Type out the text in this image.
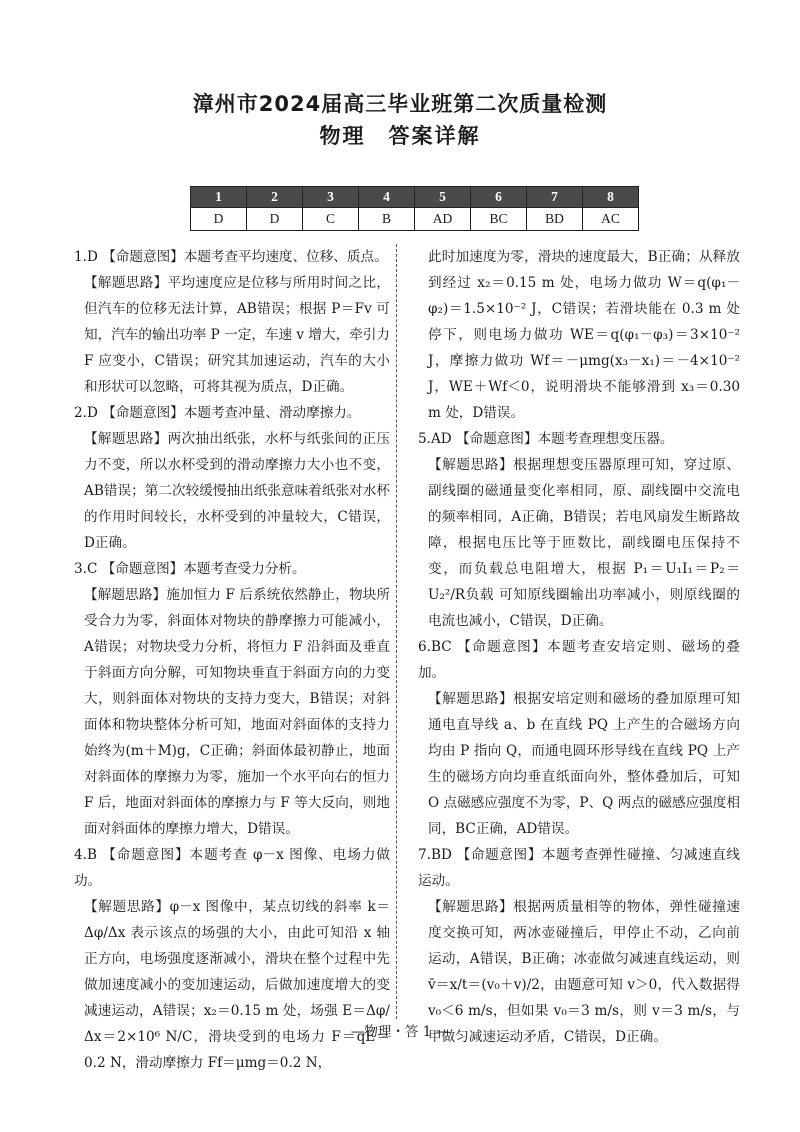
漳州市2024届高三毕业班第二次质量检测
物理　答案详解
1	2	3	4	5	6	7	8
D	D	C	B	AD	BC	BD	AC

1.D 【命题意图】本题考查平均速度、位移、质点。

【解题思路】平均速度应是位移与所用时间之比，但汽车的位移无法计算，AB错误；根据 P＝Fv 可知，汽车的输出功率 P 一定，车速 v 增大，牵引力 F 应变小，C错误；研究其加速运动，汽车的大小和形状可以忽略，可将其视为质点，D正确。

2.D 【命题意图】本题考查冲量、滑动摩擦力。

【解题思路】两次抽出纸张，水杯与纸张间的正压力不变，所以水杯受到的滑动摩擦力大小也不变，AB错误；第二次较缓慢抽出纸张意味着纸张对水杯的作用时间较长，水杯受到的冲量较大，C错误，D正确。

3.C 【命题意图】本题考查受力分析。

【解题思路】施加恒力 F 后系统依然静止，物块所受合力为零，斜面体对物块的静摩擦力可能减小，A错误；对物块受力分析，将恒力 F 沿斜面及垂直于斜面方向分解，可知物块垂直于斜面方向的力变大，则斜面体对物块的支持力变大，B错误；对斜面体和物块整体分析可知，地面对斜面体的支持力始终为(m＋M)g，C正确；斜面体最初静止，地面对斜面体的摩擦力为零，施加一个水平向右的恒力 F 后，地面对斜面体的摩擦力与 F 等大反向，则地面对斜面体的摩擦力增大，D错误。

4.B 【命题意图】本题考查 φ－x 图像、电场力做功。

【解题思路】φ－x 图像中，某点切线的斜率 k＝Δφ/Δx 表示该点的场强的大小，由此可知沿 x 轴正方向，电场强度逐渐减小，滑块在整个过程中先做加速度减小的变加速运动，后做加速度增大的变减速运动，A错误；x₂＝0.15 m 处，场强 E＝Δφ/Δx＝2×10⁶ N/C，滑块受到的电场力 F＝qE＝0.2 N，滑动摩擦力 Ff＝μmg＝0.2 N，

此时加速度为零，滑块的速度最大，B正确；从释放到经过 x₂＝0.15 m 处，电场力做功 W＝q(φ₁－φ₂)＝1.5×10⁻² J，C错误；若滑块能在 0.3 m 处停下，则电场力做功 WE＝q(φ₁－φ₃)＝3×10⁻² J，摩擦力做功 Wf＝－μmg(x₃－x₁)＝－4×10⁻² J，WE＋Wf＜0，说明滑块不能够滑到 x₃＝0.30 m 处，D错误。

5.AD 【命题意图】本题考查理想变压器。

【解题思路】根据理想变压器原理可知，穿过原、副线圈的磁通量变化率相同，原、副线圈中交流电的频率相同，A正确，B错误；若电风扇发生断路故障，根据电压比等于匝数比，副线圈电压保持不变，而负载总电阻增大，根据 P₁＝U₁I₁＝P₂＝U₂²/R负载 可知原线圈输出功率减小，则原线圈的电流也减小，C错误，D正确。

6.BC 【命题意图】本题考查安培定则、磁场的叠加。

【解题思路】根据安培定则和磁场的叠加原理可知通电直导线 a、b 在直线 PQ 上产生的合磁场方向均由 P 指向 Q，而通电圆环形导线在直线 PQ 上产生的磁场方向均垂直纸面向外，整体叠加后，可知 O 点磁感应强度不为零，P、Q 两点的磁感应强度相同，BC正确，AD错误。

7.BD 【命题意图】本题考查弹性碰撞、匀减速直线运动。

【解题思路】根据两质量相等的物体，弹性碰撞速度交换可知，两冰壶碰撞后，甲停止不动，乙向前运动，A错误，B正确；冰壶做匀减速直线运动，则 v̄＝x/t＝(v₀＋v)/2，由题意可知 v＞0，代入数据得 v₀＜6 m/s，但如果 v₀＝3 m/s，则 v＝3 m/s，与甲做匀减速运动矛盾，C错误，D正确。

—物理・答 1 —
